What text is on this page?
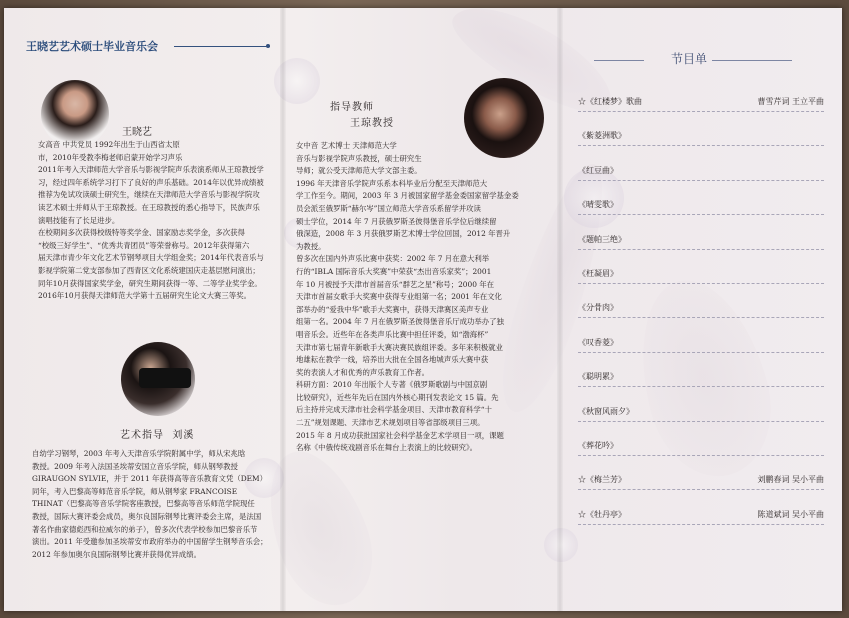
王晓艺艺术硕士毕业音乐会
王晓艺
女高音 中共党员 1992年出生于山西省太原
市，2010年受教李梅老师启蒙开始学习声乐
2011年考入天津师范大学音乐与影视学院声乐表演系师从王琼教授学
习，经过四年系统学习打下了良好的声乐基础。2014年以优异成绩被
推荐为免试攻读硕士研究生，继续在天津师范大学音乐与影视学院攻
读艺术硕士并师从于王琼教授。在王琼教授的悉心指导下，民族声乐
演唱技能有了长足进步。
在校期间多次获得校级特等奖学金、国家励志奖学金，多次获得
“校级三好学生”、“优秀共青团员”等荣誉称号。2012年获得第六
届天津市青少年文化艺术节钢琴项目大学组金奖；2014年代表音乐与
影视学院第二党支部参加了西青区文化系统建国庆走基层慰问演出；
同年10月获得国家奖学金，研究生期间获得一等、二等学业奖学金。
2016年10月获得天津师范大学第十五届研究生论文大赛三等奖。
艺术指导 刘溪
自幼学习钢琴，2003 年考入天津音乐学院附属中学，师从宋兆晗
教授。2009 年考入法国圣埃蒂安国立音乐学院，师从钢琴教授
GIRAUGON SYLVIE，并于 2011 年获得高等音乐教育文凭（DEM）
同年，考入巴黎高等师范音乐学院，师从钢琴家 FRANCOISE
THINAT（巴黎高等音乐学院客座教授，巴黎高等音乐师范学院现任
教授，国际大赛评委会成员，奥尔良国际钢琴比赛评委会主席，是法国
著名作曲家德彪西和拉威尔的弟子），曾多次代表学校参加巴黎音乐节
演出。2011 年受邀参加圣埃蒂安市政府举办的中国留学生钢琴音乐会；
2012 年参加奥尔良国际钢琴比赛并获得优异成绩。
指导教师
王琼教授
女中音 艺术博士 天津师范大学
音乐与影视学院声乐教授，硕士研究生
导师；就公受天津师范大学文部主委。
1996 年天津音乐学院声乐系本科毕业后分配至天津师范大
学工作至今。期间，2003 年 3 月被国家留学基金委国家留学基金委
员会派至俄罗斯“赫尔岑”国立师范大学音乐系留学并攻读
硕士学位，2014 年 7 月获俄罗斯圣彼得堡音乐学位后继续留
俄深造，2008 年 3 月获俄罗斯艺术博士学位回国，2012 年晋升
为教授。
曾多次在国内外声乐比赛中获奖：2002 年 7 月在意大利举
行的“IBLA 国际音乐大奖赛”中荣获“杰出音乐家奖”；2001
年 10 月被授予天津市首届音乐“群艺之星”称号；2000 年在
天津市首届女歌手大奖赛中获得专业组第一名；2001 年在文化
部举办的“爱我中华”歌手大奖赛中，获得天津赛区美声专业
组第一名。2004 年 7 月在俄罗斯圣彼得堡音乐厅成功举办了独
唱音乐会。近些年在各类声乐比赛中担任评委，如“渤海杯”
天津市第七届青年新歌手大赛决赛民族组评委。多年来积极就业
地雄耘在教学一线，培养出大批在全国各地城声乐大赛中获
奖的表演人才和优秀的声乐教育工作者。
科研方面：2010 年出版个人专著《俄罗斯歌剧与中国京剧
比较研究》，近些年先后在国内外核心期刊发表论文 15 篇。先
后主持并完成天津市社会科学基金项目、天津市教育科学“十
二五”规划课题、天津市艺术规划项目等省部级项目三项。
2015 年 8 月成功获批国家社会科学基金艺术学项目一项，课题
名称《中俄传统戏剧音乐在舞台上表演上的比较研究》。
节目单
☆《红楼梦》歌曲	曹雪芹词 王立平曲
《紫菱洲歌》
《红豆曲》
《晴雯歌》
《题帕三绝》
《枉凝眉》
《分骨肉》
《叹香菱》
《聪明累》
《秋窗风雨夕》
《葬花吟》
☆《梅兰芳》	刘鹏春词 吴小平曲
☆《牡丹亭》	陈道斌词 吴小平曲
